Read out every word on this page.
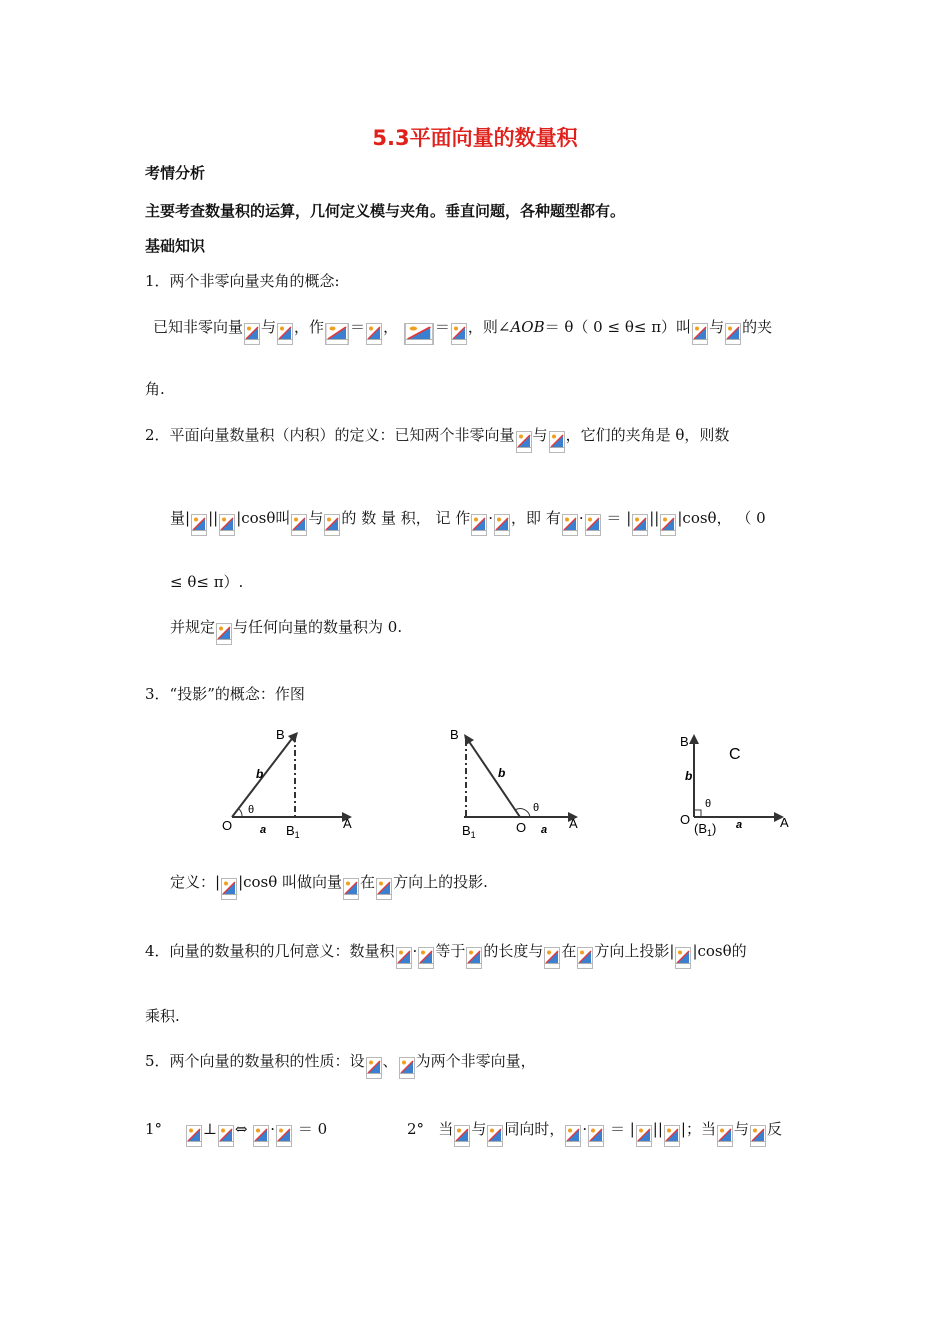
5.3平面向量的数量积
考情分析
主要考查数量积的运算，几何定义模与夹角。垂直问题，各种题型都有。
基础知识
1．两个非零向量夹角的概念:
已知非零向量 与 ，作 ＝ ， ＝ ，则∠AOB＝ θ（ 0 ≤ θ≤ π）叫 与 的夹
角.
2．平面向量数量积（内积）的定义：已知两个非零向量 与 ，它们的夹角是 θ，则数
量| || |cosθ叫 与 的 数 量 积， 记 作 · ，即 有 · ＝ | || |cosθ， （ 0
≤ θ≤ π）.
并规定 与任何向量的数量积为 0.
3．“投影”的概念：作图
B
b
θ
O	a $B_1$
A
B
b
θ
O a
$B_1$
A
B
b
C
θ
O
$(B_1)$ a	A
定义：| |cosθ 叫做向量 在 方向上的投影.
4．向量的数量积的几何意义：数量积 · 等于 的长度与 在 方向上投影| |cosθ的
乘积.
5．两个向量的数量积的性质：设 、 为两个非零向量，
1°	⊥ ⇔ · ＝ 0	2° 当 与 同向时， · ＝ | || |；当 与 反
